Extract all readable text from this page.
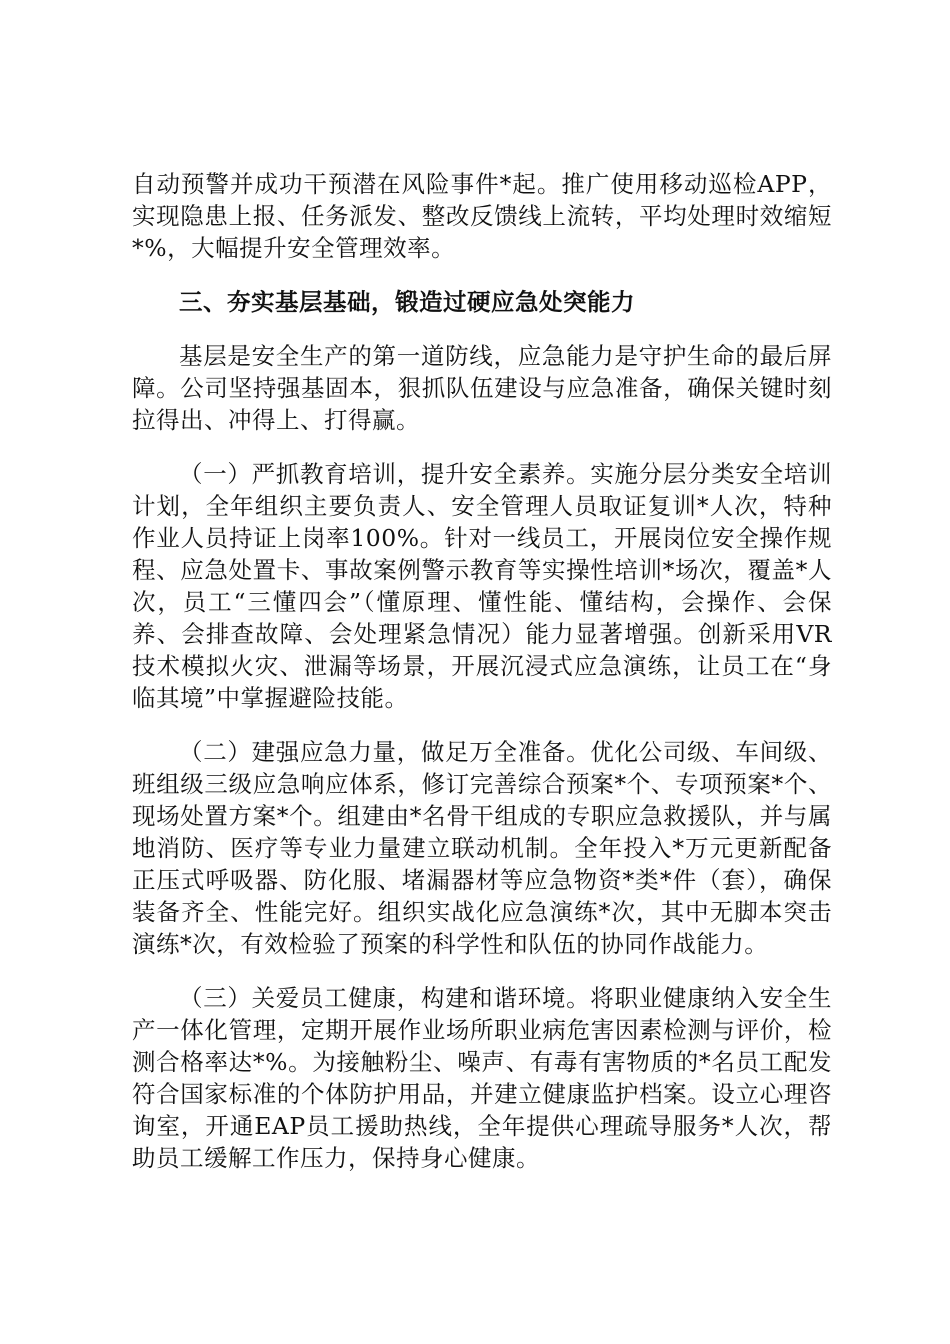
自动预警并成功干预潜在风险事件*起。推广使用移动巡检APP，实现隐患上报、任务派发、整改反馈线上流转，平均处理时效缩短*%，大幅提升安全管理效率。

三、夯实基层基础，锻造过硬应急处突能力

基层是安全生产的第一道防线，应急能力是守护生命的最后屏障。公司坚持强基固本，狠抓队伍建设与应急准备，确保关键时刻拉得出、冲得上、打得赢。

（一）严抓教育培训，提升安全素养。实施分层分类安全培训计划，全年组织主要负责人、安全管理人员取证复训*人次，特种作业人员持证上岗率100%。针对一线员工，开展岗位安全操作规程、应急处置卡、事故案例警示教育等实操性培训*场次，覆盖*人次，员工“三懂四会”（懂原理、懂性能、懂结构，会操作、会保养、会排查故障、会处理紧急情况）能力显著增强。创新采用VR技术模拟火灾、泄漏等场景，开展沉浸式应急演练，让员工在“身临其境”中掌握避险技能。

（二）建强应急力量，做足万全准备。优化公司级、车间级、班组级三级应急响应体系，修订完善综合预案*个、专项预案*个、现场处置方案*个。组建由*名骨干组成的专职应急救援队，并与属地消防、医疗等专业力量建立联动机制。全年投入*万元更新配备正压式呼吸器、防化服、堵漏器材等应急物资*类*件（套），确保装备齐全、性能完好。组织实战化应急演练*次，其中无脚本突击演练*次，有效检验了预案的科学性和队伍的协同作战能力。

（三）关爱员工健康，构建和谐环境。将职业健康纳入安全生产一体化管理，定期开展作业场所职业病危害因素检测与评价，检测合格率达*%。为接触粉尘、噪声、有毒有害物质的*名员工配发符合国家标准的个体防护用品，并建立健康监护档案。设立心理咨询室，开通EAP员工援助热线，全年提供心理疏导服务*人次，帮助员工缓解工作压力，保持身心健康。
